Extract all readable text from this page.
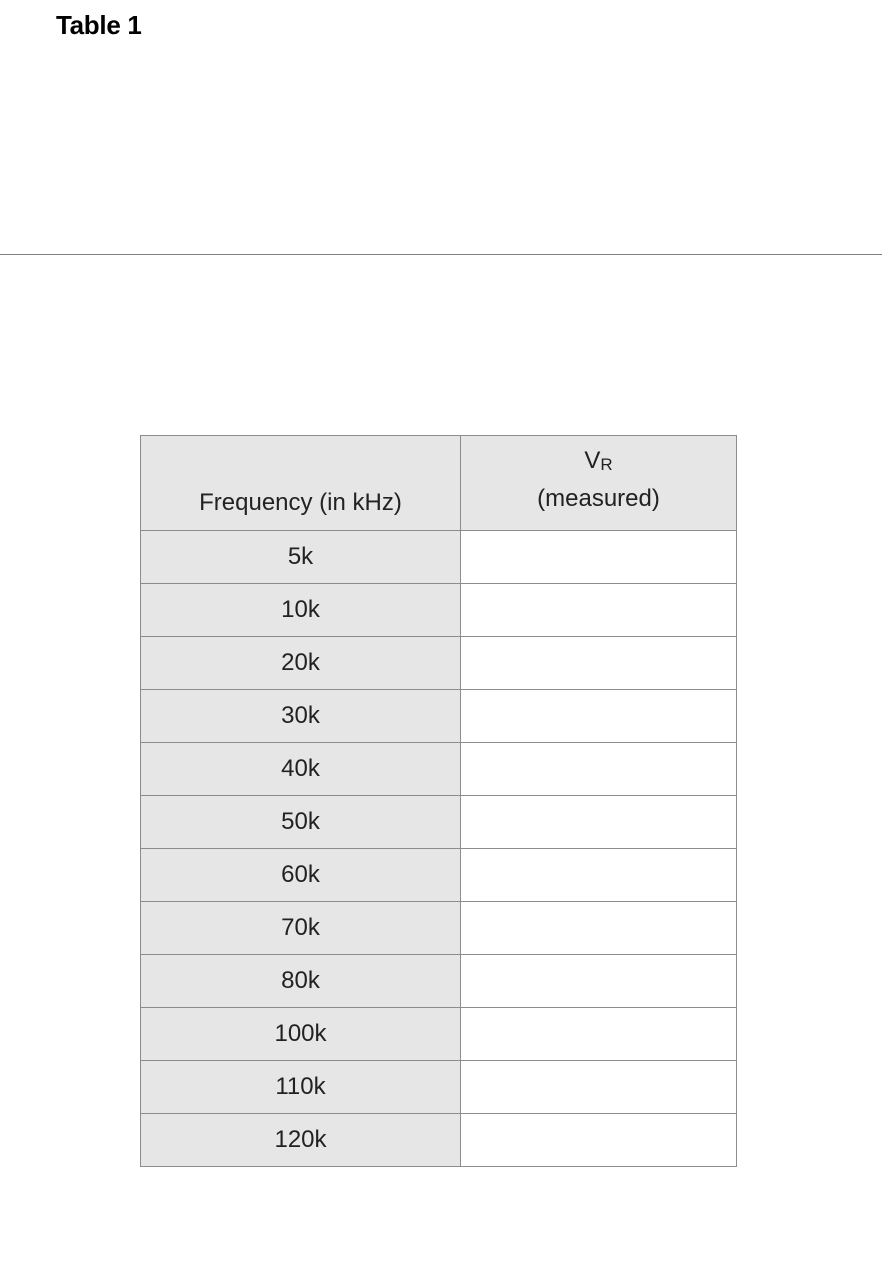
Table 1
Frequency (in kHz)	$V_R$
(measured)

5k	
10k	
20k	
30k	
40k	
50k	
60k	
70k	
80k	
100k	
110k	
120k	
